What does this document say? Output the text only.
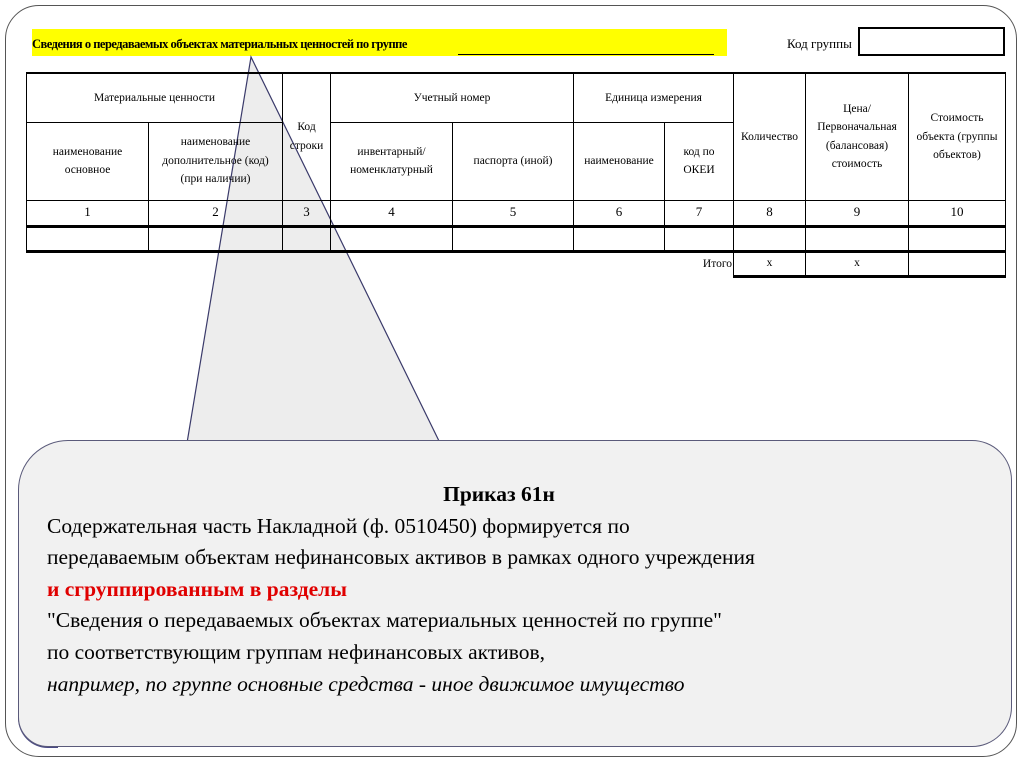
Сведения о передаваемых объектах материальных ценностей по группе	Код группы
Материальные ценности		Код строки	Учетный номер		Единица измерения		Количество	Цена/ Первоначальная (балансовая) стоимость	Стоимость объекта (группы объектов)
наименование основное	наименование дополнительное (код) (при наличии)		инвентарный/ номенклатурный	паспорта (иной)	наименование	код по ОКЕИ			
1	2	3	4	5	6	7	8	9	10

						Итого	х	х	
Приказ 61н
Содержательная часть Накладной (ф. 0510450) формируется по
передаваемым объектам нефинансовых активов в рамках одного учреждения
и сгруппированным в разделы
"Сведения о передаваемых объектах материальных ценностей по группе"
по соответствующим группам нефинансовых активов,
например, по группе основные средства - иное движимое имущество
